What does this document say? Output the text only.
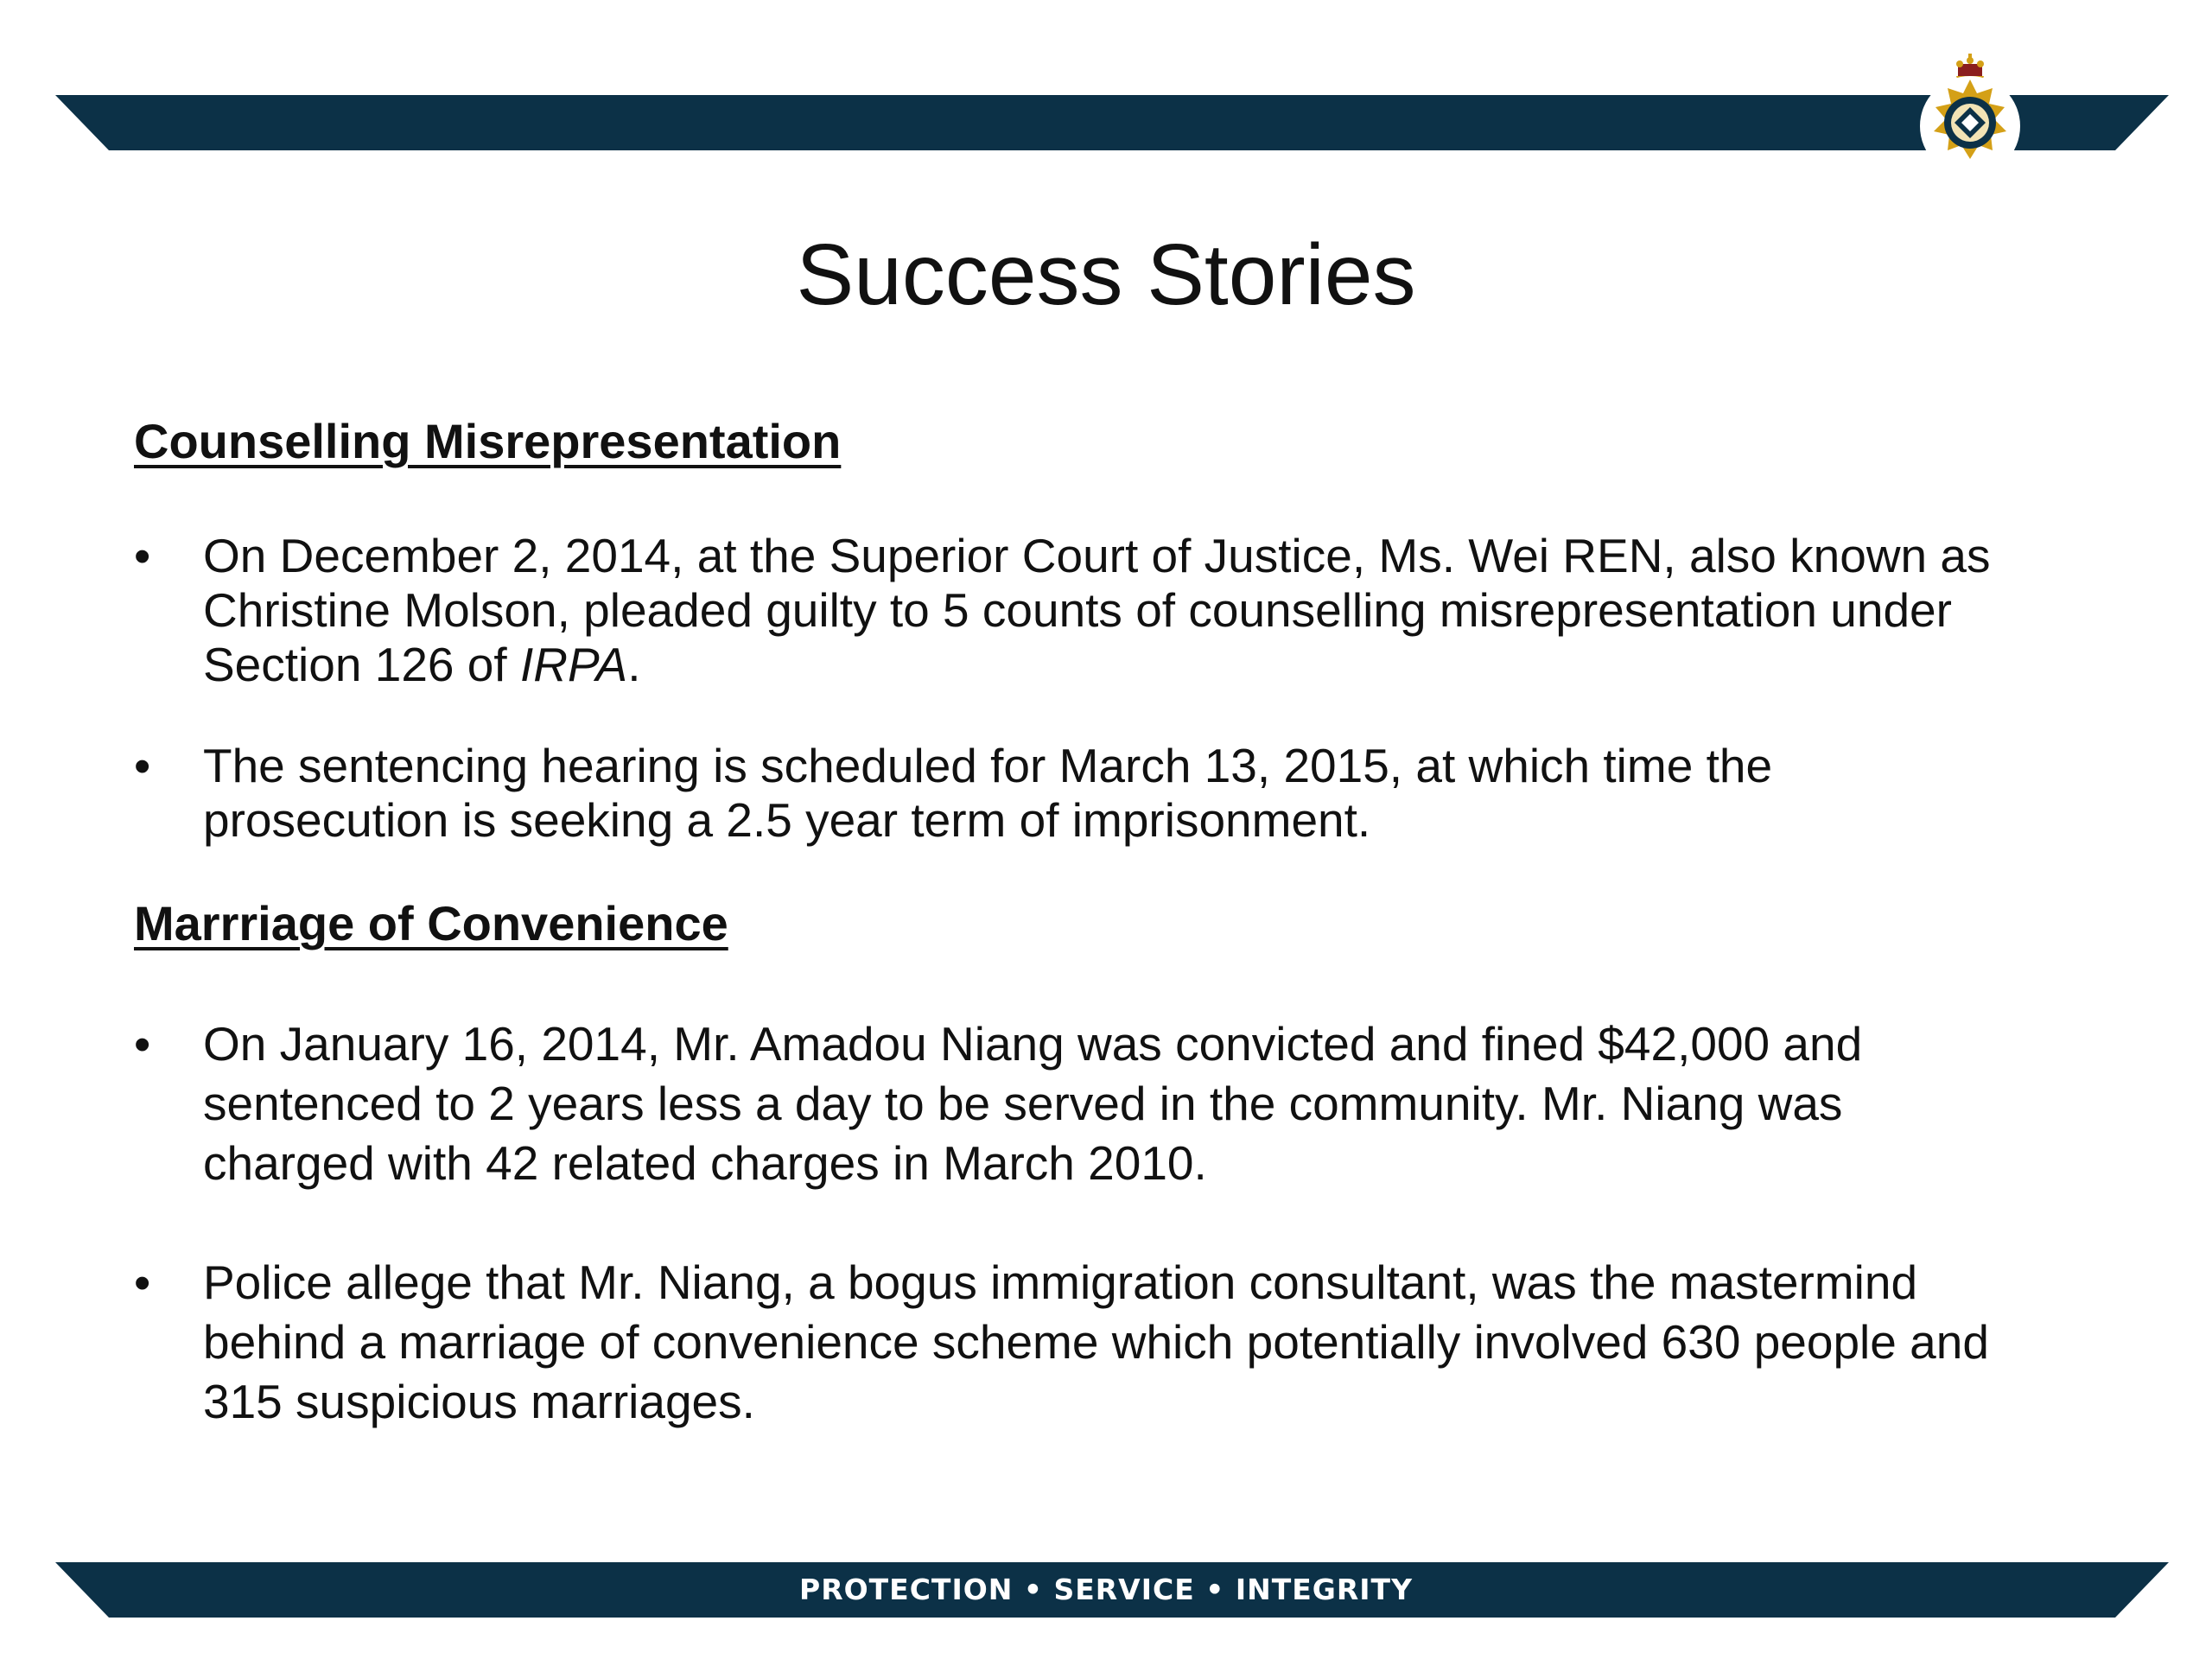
Success Stories
Counselling Misrepresentation
•	On December 2, 2014, at the Superior Court of Justice, Ms. Wei REN, also known as
Christine Molson, pleaded guilty to 5 counts of counselling misrepresentation under
Section 126 of IRPA.
•	The sentencing hearing is scheduled for March 13, 2015, at which time the
prosecution is seeking a 2.5 year term of imprisonment.
Marrriage of Convenience
•	On January 16, 2014, Mr. Amadou Niang was convicted and fined $42,000 and
sentenced to 2 years less a day to be served in the community. Mr. Niang was
charged with 42 related charges in March 2010.
•	Police allege that Mr. Niang, a bogus immigration consultant, was the mastermind
behind a marriage of convenience scheme which potentially involved 630 people and
315 suspicious marriages.
PROTECTION • SERVICE • INTEGRITY
